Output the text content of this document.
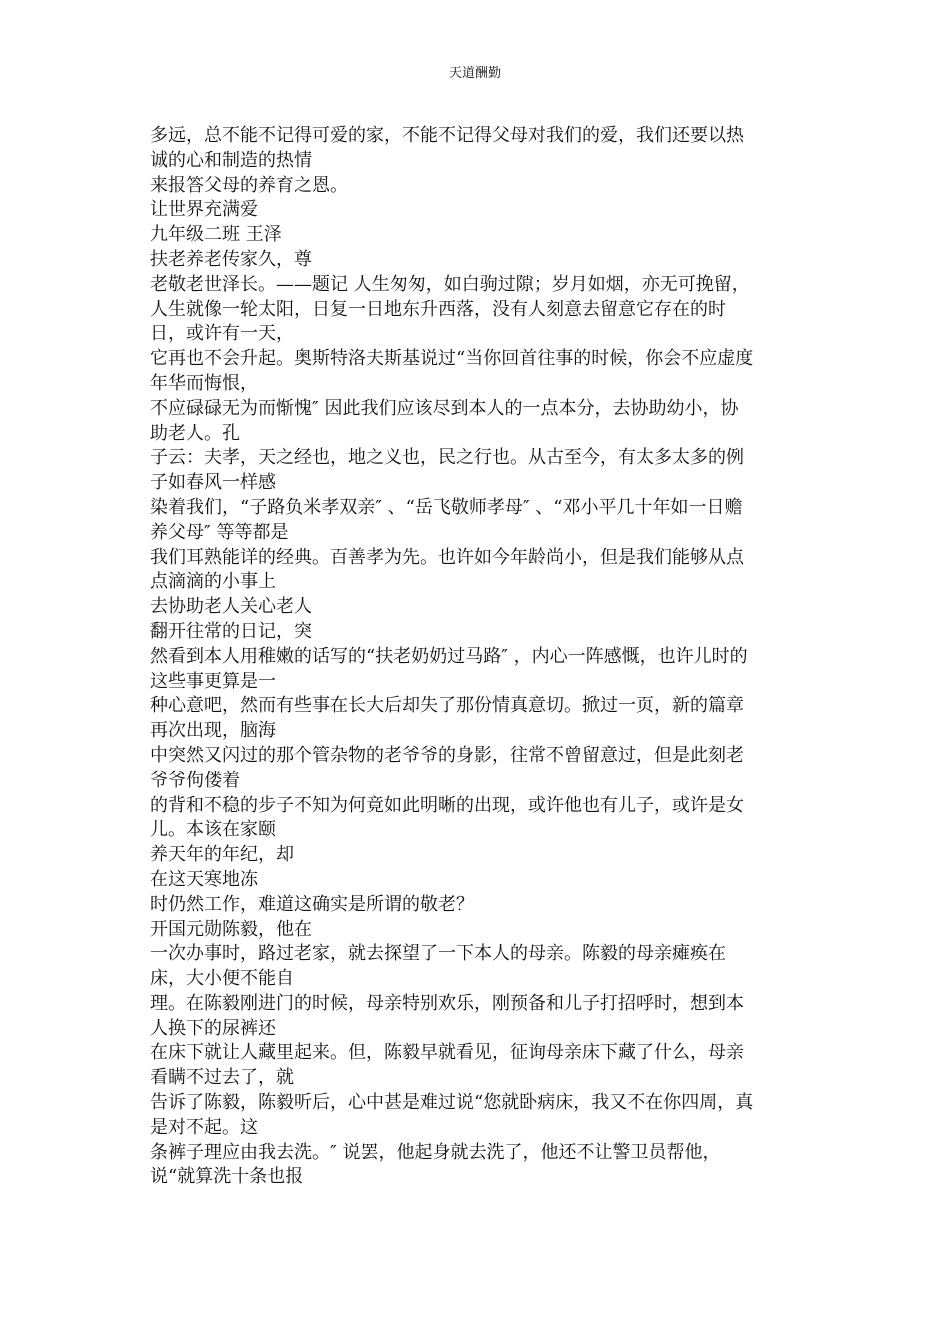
天道酬勤
多远，总不能不记得可爱的家，不能不记得父母对我们的爱，我们还要以热
诚的心和制造的热情
来报答父母的养育之恩。
让世界充满爱
九年级二班 王泽
扶老养老传家久，尊
老敬老世泽长。——题记 人生匆匆，如白驹过隙；岁月如烟，亦无可挽留，
人生就像一轮太阳，日复一日地东升西落，没有人刻意去留意它存在的时
日，或许有一天，
它再也不会升起。奥斯特洛夫斯基说过“当你回首往事的时候，你会不应虚度
年华而悔恨，
不应碌碌无为而惭愧″ 因此我们应该尽到本人的一点本分，去协助幼小，协
助老人。孔
子云：夫孝，天之经也，地之义也，民之行也。从古至今，有太多太多的例
子如春风一样感
染着我们，“子路负米孝双亲″ 、“岳飞敬师孝母″ 、“邓小平几十年如一日赡
养父母″ 等等都是
我们耳熟能详的经典。百善孝为先。也许如今年龄尚小，但是我们能够从点
点滴滴的小事上
去协助老人关心老人
翻开往常的日记，突
然看到本人用稚嫩的话写的“扶老奶奶过马路″ ，内心一阵感慨，也许儿时的
这些事更算是一
种心意吧，然而有些事在长大后却失了那份情真意切。掀过一页，新的篇章
再次出现，脑海
中突然又闪过的那个管杂物的老爷爷的身影，往常不曾留意过，但是此刻老
爷爷佝偻着
的背和不稳的步子不知为何竟如此明晰的出现，或许他也有儿子，或许是女
儿。本该在家颐
养天年的年纪，却
在这天寒地冻
时仍然工作，难道这确实是所谓的敬老？
开国元勋陈毅，他在
一次办事时，路过老家，就去探望了一下本人的母亲。陈毅的母亲瘫痪在
床，大小便不能自
理。在陈毅刚进门的时候，母亲特别欢乐，刚预备和儿子打招呼时，想到本
人换下的尿裤还
在床下就让人藏里起来。但，陈毅早就看见，征询母亲床下藏了什么，母亲
看瞒不过去了，就
告诉了陈毅，陈毅听后，心中甚是难过说“您就卧病床，我又不在你四周，真
是对不起。这
条裤子理应由我去洗。″ 说罢，他起身就去洗了，他还不让警卫员帮他，
说“就算洗十条也报
